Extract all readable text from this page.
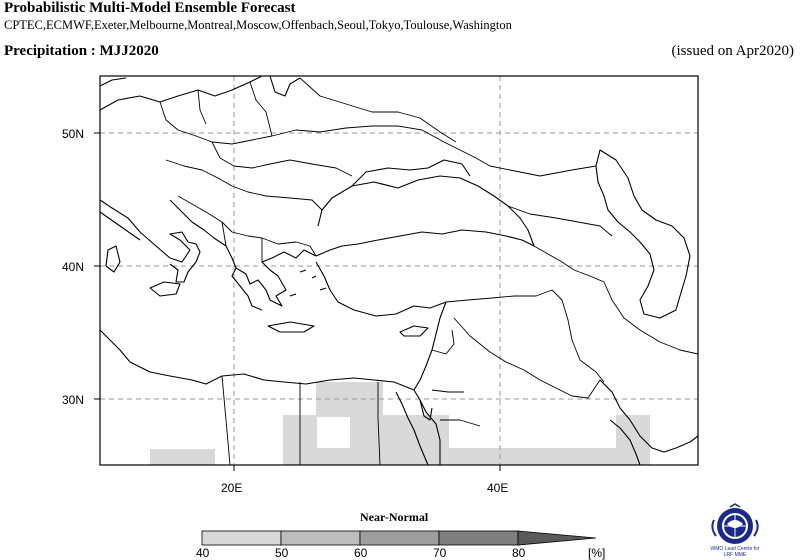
Probabilistic Multi-Model Ensemble Forecast
CPTEC,ECMWF,Exeter,Melbourne,Montreal,Moscow,Offenbach,Seoul,Tokyo,Toulouse,Washington
Precipitation : MJJ2020	(issued on Apr2020)
50N
40N
30N
20E	40E
Near-Normal
40	50	60	70	80	[%]	WMO Lead Centre for
LRF MME
